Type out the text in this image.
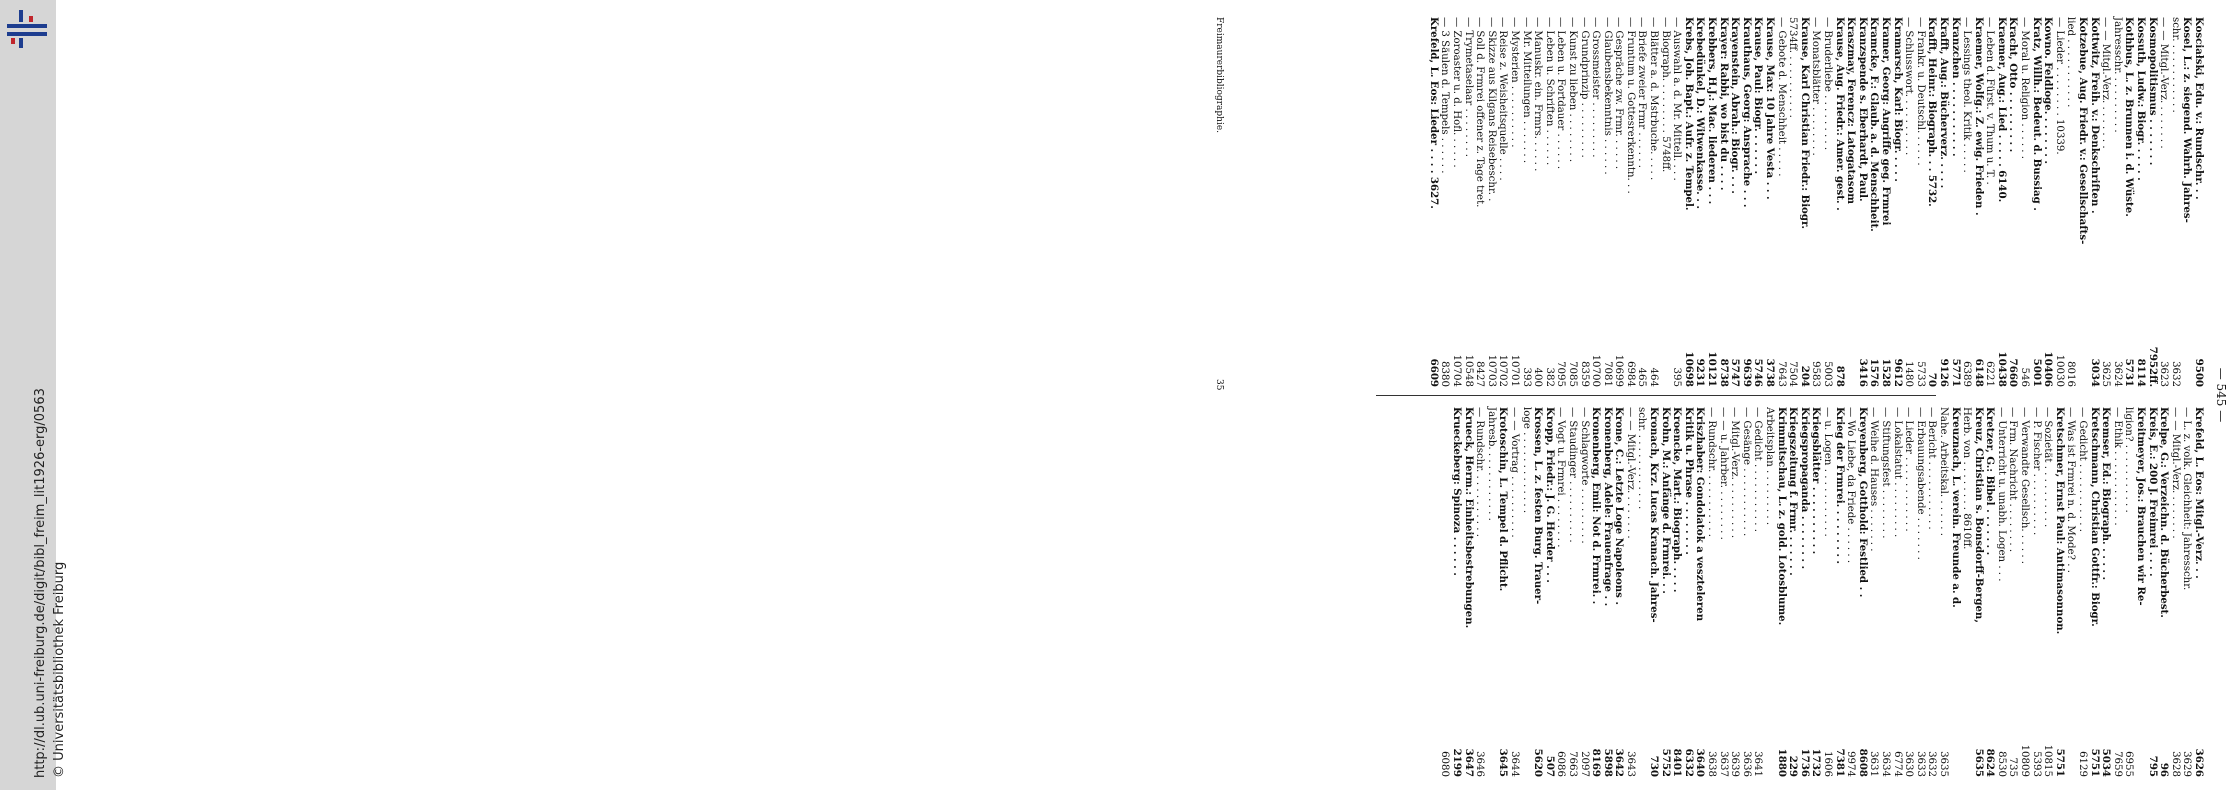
http://dl.ub.uni-freiburg.de/digit/bibl_freim_lit1926-erg/0563 © Universitätsbibliothek Freiburg
— 545 —
Kosciałski, Edu. v.: Rundschr. . .
9500
Kosel, L.: z. siegend. Wahrh. Jahres-
schr. . . . . . . . . . . .
3632
— — Mitgl.-Verz. . . . . . . .
3623
Kosmopolitismus . . . . . . .
7952ff.
Kossuth, Ludw.: Biogr. . . . . .
8114
Kothbus, L. z. Brunnen i. d. Wüste.
5731
Jahresschr. . . . . . . . . .
3624
— — Mitgl.-Verz. . . . . . . .
3625
Kottwitz, Freih. v.: Denkschriften .
3034
Kotzebue, Aug. Friedr. v.: Gesellschafts-
lied . . . . . . . . . . .
8016
— Lieder . . . . . . . . 10339.
10030
Kowno. Feldloge. . . . . . . .
10406
Kratz, Willh.: Bedeut. d. Bussiag .
5001
— Moral u. Religion . . . . . .
546
Kracht, Otto . . . . . . . . .
7660
Kraemer, Aug.: Lied . . . . . 6140.
10438
— Leben d. Fürst. v. Thum u. T. .
6221
Kraemer, Wolfg.: Z. ewig. Frieden .
6148
— Lessings theol. Kritik . . . . .
6389
Kranzchen . . . . . . . . . . .
5771
Krafft, Aug.: Bücherverz. . . . .
9126
Krafft, Heinr.: Biograph. . . 5732.
70
— Frankr. u. Deutschl. . . . . .
5733
— Schlusswort. . . . . . . . . .
1480
Kramarsch, Karl: Biogr. . . . .
9612
Kramer, Georg: Angriffe geg. Frmrei
1528
Kramcke, F.: Glaub. a. d. Menschheit.
1576
Kranzspende s. Eberhardt, Paul.
3416
Kraszmay, Ferencz: Latogatasom
Krause, Aug. Friedr.: Amer. gest. .
878
— Bruderliebe . . . . . . . . .
5003
— Monatsblätter . . . . . . . .
9583
Krause, Karl Christian Friedr.: Biogr.
204
5734ff. . . . . . . . . . .
7504
— Gebote d. Menschheit . . . . .
7643
Krause, Max: 10 Jahre Vesta . . .
3738
Krause, Paul: Biogr. . . . . . .
5746
Krauthaus, Georg: Ansprache . . .
9639
Krayenstein, Abrah.: Biogr. . . .
5747
Krayer: Rabbi, wo bist du . . . .
8738
Krebbers, H.J.: Mac. liederen . . .
10121
Krebedünkel, D.: Witwenkasse. . .
9231
Krebs, Joh. Bapt.: Aufr. z. Tempel.
10698
— Auswahl a. d. Mr. Mittell. . . .
395
— Biograph. . . . . . . . . 5748ff.
— Blätter a. d. Mstrbuche. . . . .
464
— Briefe zweier Frmr . . . . . .
465
— Fruntum u. Gottesrerkenntn. . .
6984
— Gespräche zw. Frmr. . . . . .
10699
— Glaubensbekenntnis . . . . . .
7081
— Grossmeister . . . . . . . . .
10700
— Grundprinzip . . . . . . . . .
8359
— Kunst zu lieben . . . . . . . .
7085
— Leben u. Fortdauer . . . . . .
7095
— Leben u. Schriften . . . . . .
382
— Manuskr. ein. Frmrs. . . . . .
400
— Mr. Mitteilungen . . . . . . .
393
— Mysterien . . . . . . . . . .
10701
— Reise z. Weisheitsquelle . . . .
10702
— Skizze aus Kilgans Reisebeschr. .
10703
— Soll d. Frmrei offener z. Tage tret.
8427
— Trymetaselaar . . . . . . . .
10548
— Zoroaster u. d. Hofl. . . . . .
10704
— 3 Säulen d. Tempels . . . . . .
8380
Krefeld, L. Eos: Lieder . . . . 3627.
6609
Krefeld, L. Eos: Mitgl.-Verz. . .
3626
— L. z. volk. Gleichheit: Jahresschr.
3629
— — Mitgl.-Verz. . . . . . . .
3628
Krelpe, G.: Verzeichn. d. Bücherbest.
96
Kreis, E.: 200 J. Freimrei . . . .
795
Kreitmeyer, Jos.: Brauchen wir Re-
ligion? . . . . . . . . . . .
6955
— Ethik . . . . . . . . . . . .
7659
Kremser, Ed.: Biograph. . . . . .
5034
Kretschmann, Christian Gottfr.: Biogr.
5751
— Gedicht . . . . . . . . . . .
6129
— Was ist Frmrei n. d. Mode? . .
Kretschmer, Ernst Paul: Antimasonnon.
5751
— Sozietät . . . . . . . . . .
10815
— P. Fischer . . . . . . . . . .
5393
— Verwandte Gesellsch. . . . . .
10809
— Frm. Nachricht . . . . . . . .
735
— Unterricht u. unabh. Logen . . .
8530
Kretzer, G.: Bibel . . . . . . .
8624
Kreuz, Christian s. Bonsdorff-Bergen,
5635
Herb. von . . . . . . . . 8610ff.
Kreuznach, L. verein. Freunde a. d.
Nahe. Arbeitskal. . . . . . .
3635
— Bericht . . . . . . . . . . .
3632
— Erbauungsabende . . . . . . .
3633
— Lieder . . . . . . . . . . . .
3630
— Lokalstatut . . . . . . . . .
6774
— Stiftungsfest . . . . . . . .
3634
— Weihe d. Hauses . . . . . . .
3631
Kreyenberg, Gotthold: Festlied . .
8608
— Wo Liebe, da Friede . . . . . .
9974
Krieg der Frmrei. . . . . . . . .
7381
— u. Logen . . . . . . . . . . .
1606
Kriegsblätter . . . . . . . . . .
1732
Kriegspropaganda . . . . . . . .
1736
Kriegszeitung f. Frmr. . . . . . .
229
Krimmitschau, L. z. gold. Lotosblume.
1880
Arbeitsplan . . . . . . . . .
— Gedicht . . . . . . . . . . .
3641
— Gesänge . . . . . . . . . . .
3636
— Mitgl.-Verz. . . . . . . . . .
3639
— — u. Jahrber. . . . . . . . .
3637
— Rundschr. . . . . . . . . . .
3638
Kriszhaber: Gondolatok a veszteleren
3640
Kritik u. Phrase . . . . . . . .
6332
Kroencke, Mart.: Biograph. . . . .
8401
Krohn, M.: Anfänge d. Frmrei. . .
5752
Kronach, Krz. Lucas Kranach. Jahres-
730
schr. . . . . . . . . . . . .
— — Mitgl.-Verz. . . . . . . .
3643
Krone, C.: Letzte Loge Napoleons .
3642
Kronenberg, Adele: Frauenfrage . .
5898
Kronenberg, Emil: Not d. Frmrei. .
8169
— Schlagworte . . . . . . . . .
2097
— Staudinger . . . . . . . . . .
7663
— Vogt u. Frmrei . . . . . . . .
6086
Kropp, Friedr.: J. G. Herder . . .
507
Krossen, L. z. festen Burg. Trauer-
5620
loge . . . . . . . . . . . . .
— — Vortrag . . . . . . . . . .
3644
Krotoschin, L. Tempel d. Pflicht.
3645
Jahresb. . . . . . . . . . . .
— Rundschr. . . . . . . . . . .
3646
Krueck, Herm.: Einheitsbestrebungen.
3647
Krueckeberg: Spinoza . . . . . .
2199
6080
Freimaurerbibliographie.
35
